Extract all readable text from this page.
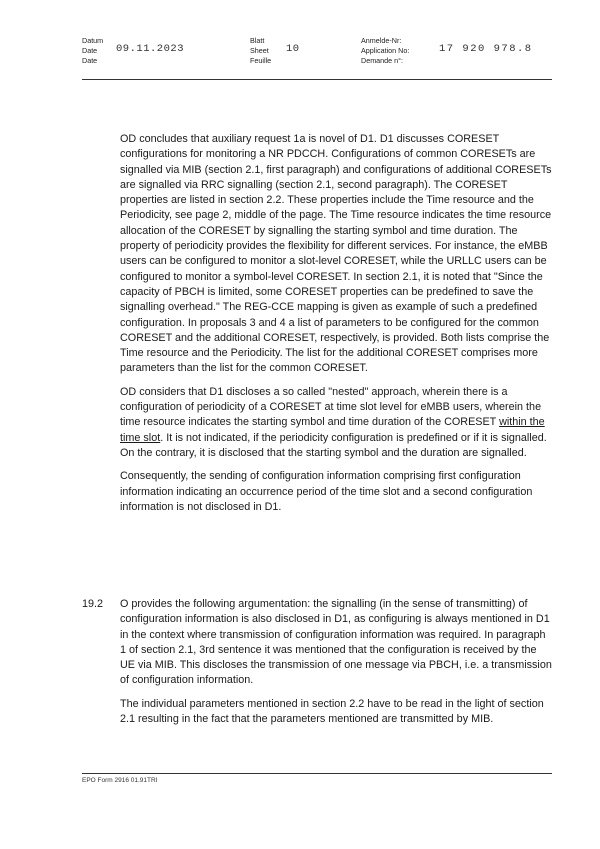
Datum
Date
Date
09.11.2023
Blatt
Sheet
Feuille
10
Anmelde-Nr:
Application No:
Demande n°:
17 920 978.8

OD concludes that auxiliary request 1a is novel of D1. D1 discusses CORESET configurations for monitoring a NR PDCCH. Configurations of common CORESETs are signalled via MIB (section 2.1, first paragraph) and configurations of additional CORESETs are signalled via RRC signalling (section 2.1, second paragraph). The CORESET properties are listed in section 2.2. These properties include the Time resource and the Periodicity, see page 2, middle of the page. The Time resource indicates the time resource allocation of the CORESET by signalling the starting symbol and time duration. The property of periodicity provides the flexibility for different services. For instance, the eMBB users can be configured to monitor a slot-level CORESET, while the URLLC users can be configured to monitor a symbol-level CORESET. In section 2.1, it is noted that "Since the capacity of PBCH is limited, some CORESET properties can be predefined to save the signalling overhead." The REG-CCE mapping is given as example of such a predefined configuration. In proposals 3 and 4 a list of parameters to be configured for the common CORESET and the additional CORESET, respectively, is provided. Both lists comprise the Time resource and the Periodicity. The list for the additional CORESET comprises more parameters than the list for the common CORESET.

OD considers that D1 discloses a so called "nested" approach, wherein there is a configuration of periodicity of a CORESET at time slot level for eMBB users, wherein the time resource indicates the starting symbol and time duration of the CORESET within the time slot. It is not indicated, if the periodicity configuration is predefined or if it is signalled. On the contrary, it is disclosed that the starting symbol and the duration are signalled.

Consequently, the sending of configuration information comprising first configuration information indicating an occurrence period of the time slot and a second configuration information is not disclosed in D1.

19.2 O provides the following argumentation: the signalling (in the sense of transmitting) of configuration information is also disclosed in D1, as configuring is always mentioned in D1 in the context where transmission of configuration information was required. In paragraph 1 of section 2.1, 3rd sentence it was mentioned that the configuration is received by the UE via MIB. This discloses the transmission of one message via PBCH, i.e. a transmission of configuration information.

The individual parameters mentioned in section 2.2 have to be read in the light of section 2.1 resulting in the fact that the parameters mentioned are transmitted by MIB.

EPO Form 2916 01.91TRI
